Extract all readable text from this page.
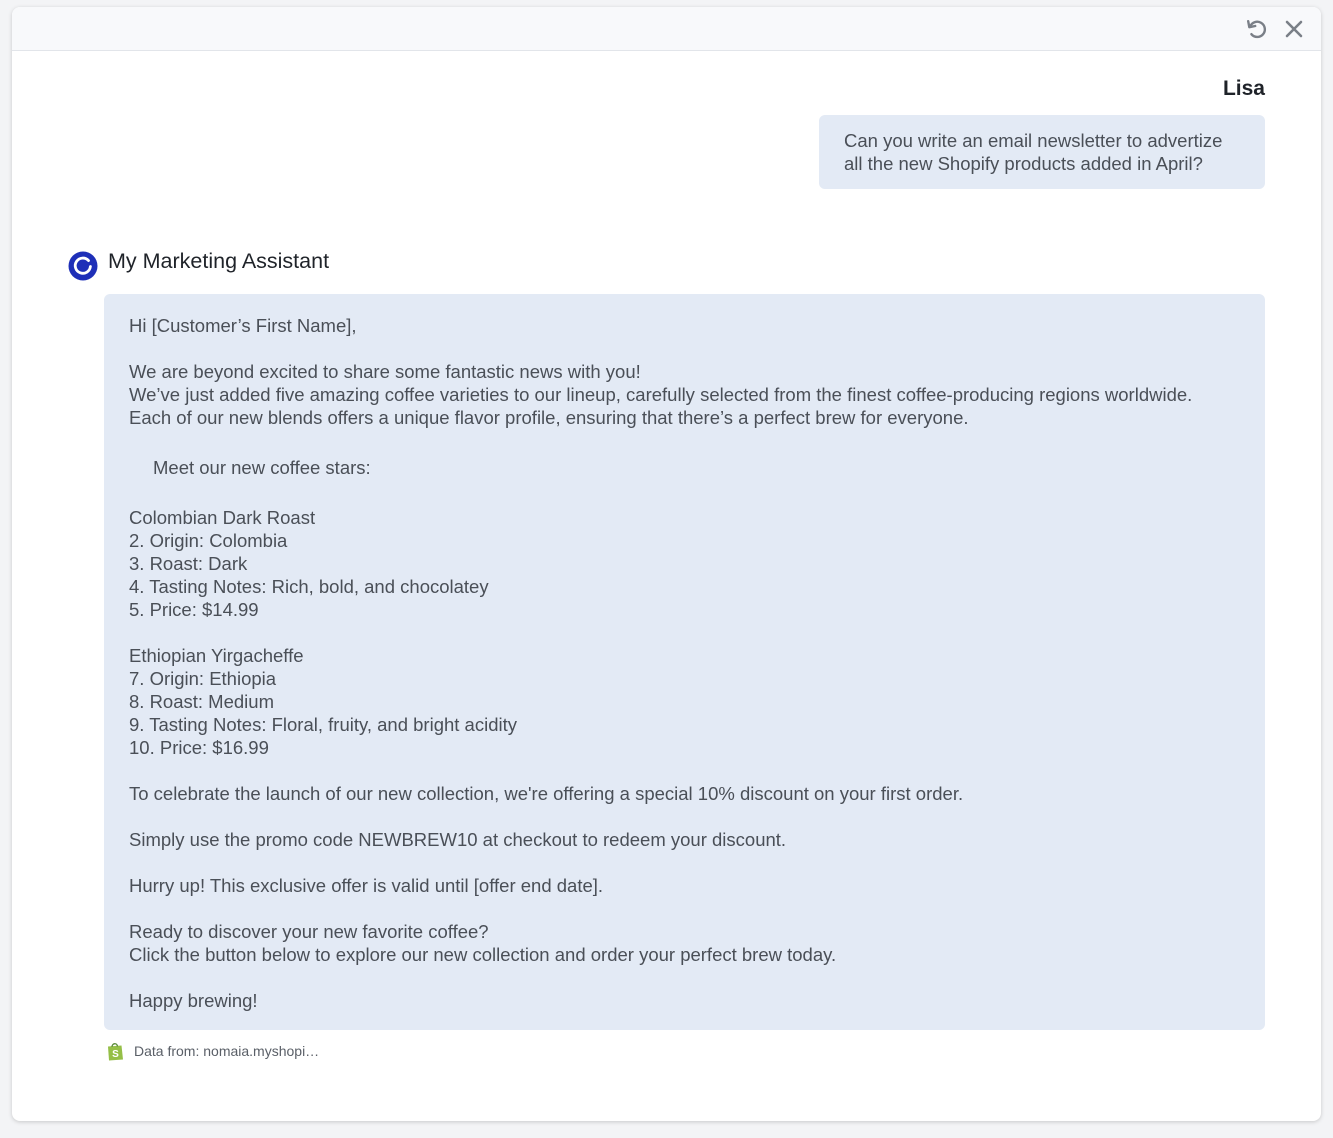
Lisa
Can you write an email newsletter to advertize
all the new Shopify products added in April?
My Marketing Assistant
Hi [Customer’s First Name],
We are beyond excited to share some fantastic news with you!
We’ve just added five amazing coffee varieties to our lineup, carefully selected from the finest coffee-producing regions worldwide.
Each of our new blends offers a unique flavor profile, ensuring that there’s a perfect brew for everyone.
Meet our new coffee stars:
Colombian Dark Roast
2. Origin: Colombia
3. Roast: Dark
4. Tasting Notes: Rich, bold, and chocolatey
5. Price: $14.99
Ethiopian Yirgacheffe
7. Origin: Ethiopia
8. Roast: Medium
9. Tasting Notes: Floral, fruity, and bright acidity
10. Price: $16.99
To celebrate the launch of our new collection, we're offering a special 10% discount on your first order.
Simply use the promo code NEWBREW10 at checkout to redeem your discount.
Hurry up! This exclusive offer is valid until [offer end date].
Ready to discover your new favorite coffee?
Click the button below to explore our new collection and order your perfect brew today.
Happy brewing!
S Data from: nomaia.myshopi…
